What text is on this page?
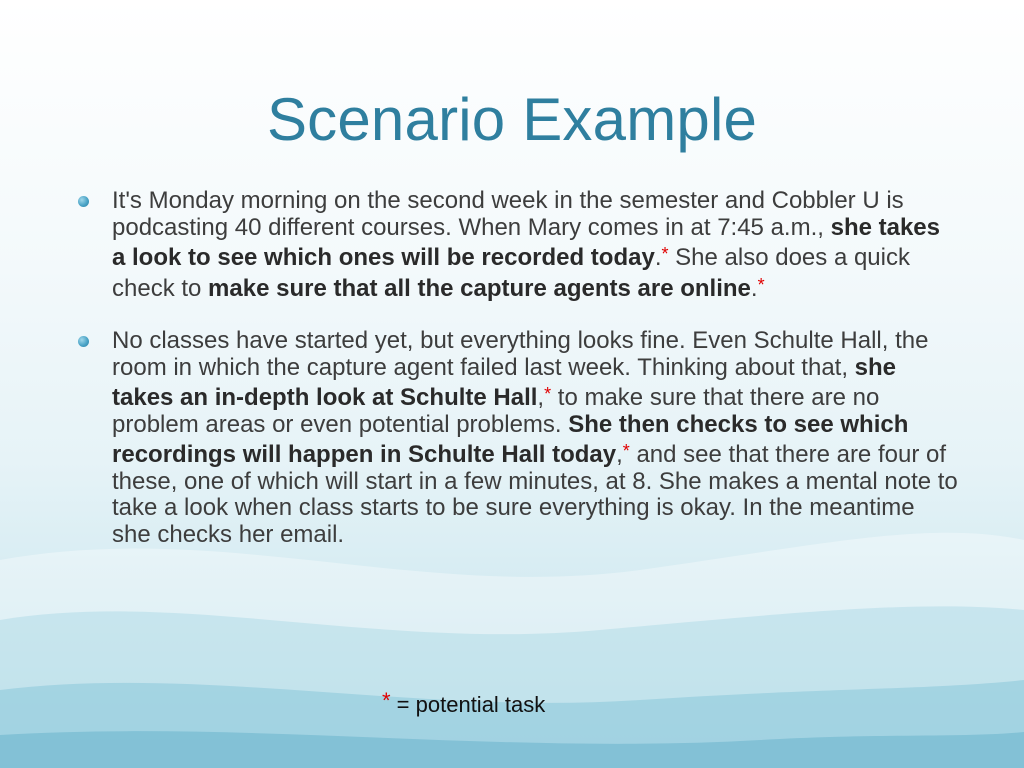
Scenario Example
It's Monday morning on the second week in the semester and Cobbler U is podcasting 40 different courses. When Mary comes in at 7:45 a.m., she takes a look to see which ones will be recorded today.* She also does a quick check to make sure that all the capture agents are online.*
No classes have started yet, but everything looks fine. Even Schulte Hall, the room in which the capture agent failed last week. Thinking about that, she takes an in-depth look at Schulte Hall,* to make sure that there are no problem areas or even potential problems. She then checks to see which recordings will happen in Schulte Hall today,* and see that there are four of these, one of which will start in a few minutes, at 8. She makes a mental note to take a look when class starts to be sure everything is okay. In the meantime she checks her email.
* = potential task
